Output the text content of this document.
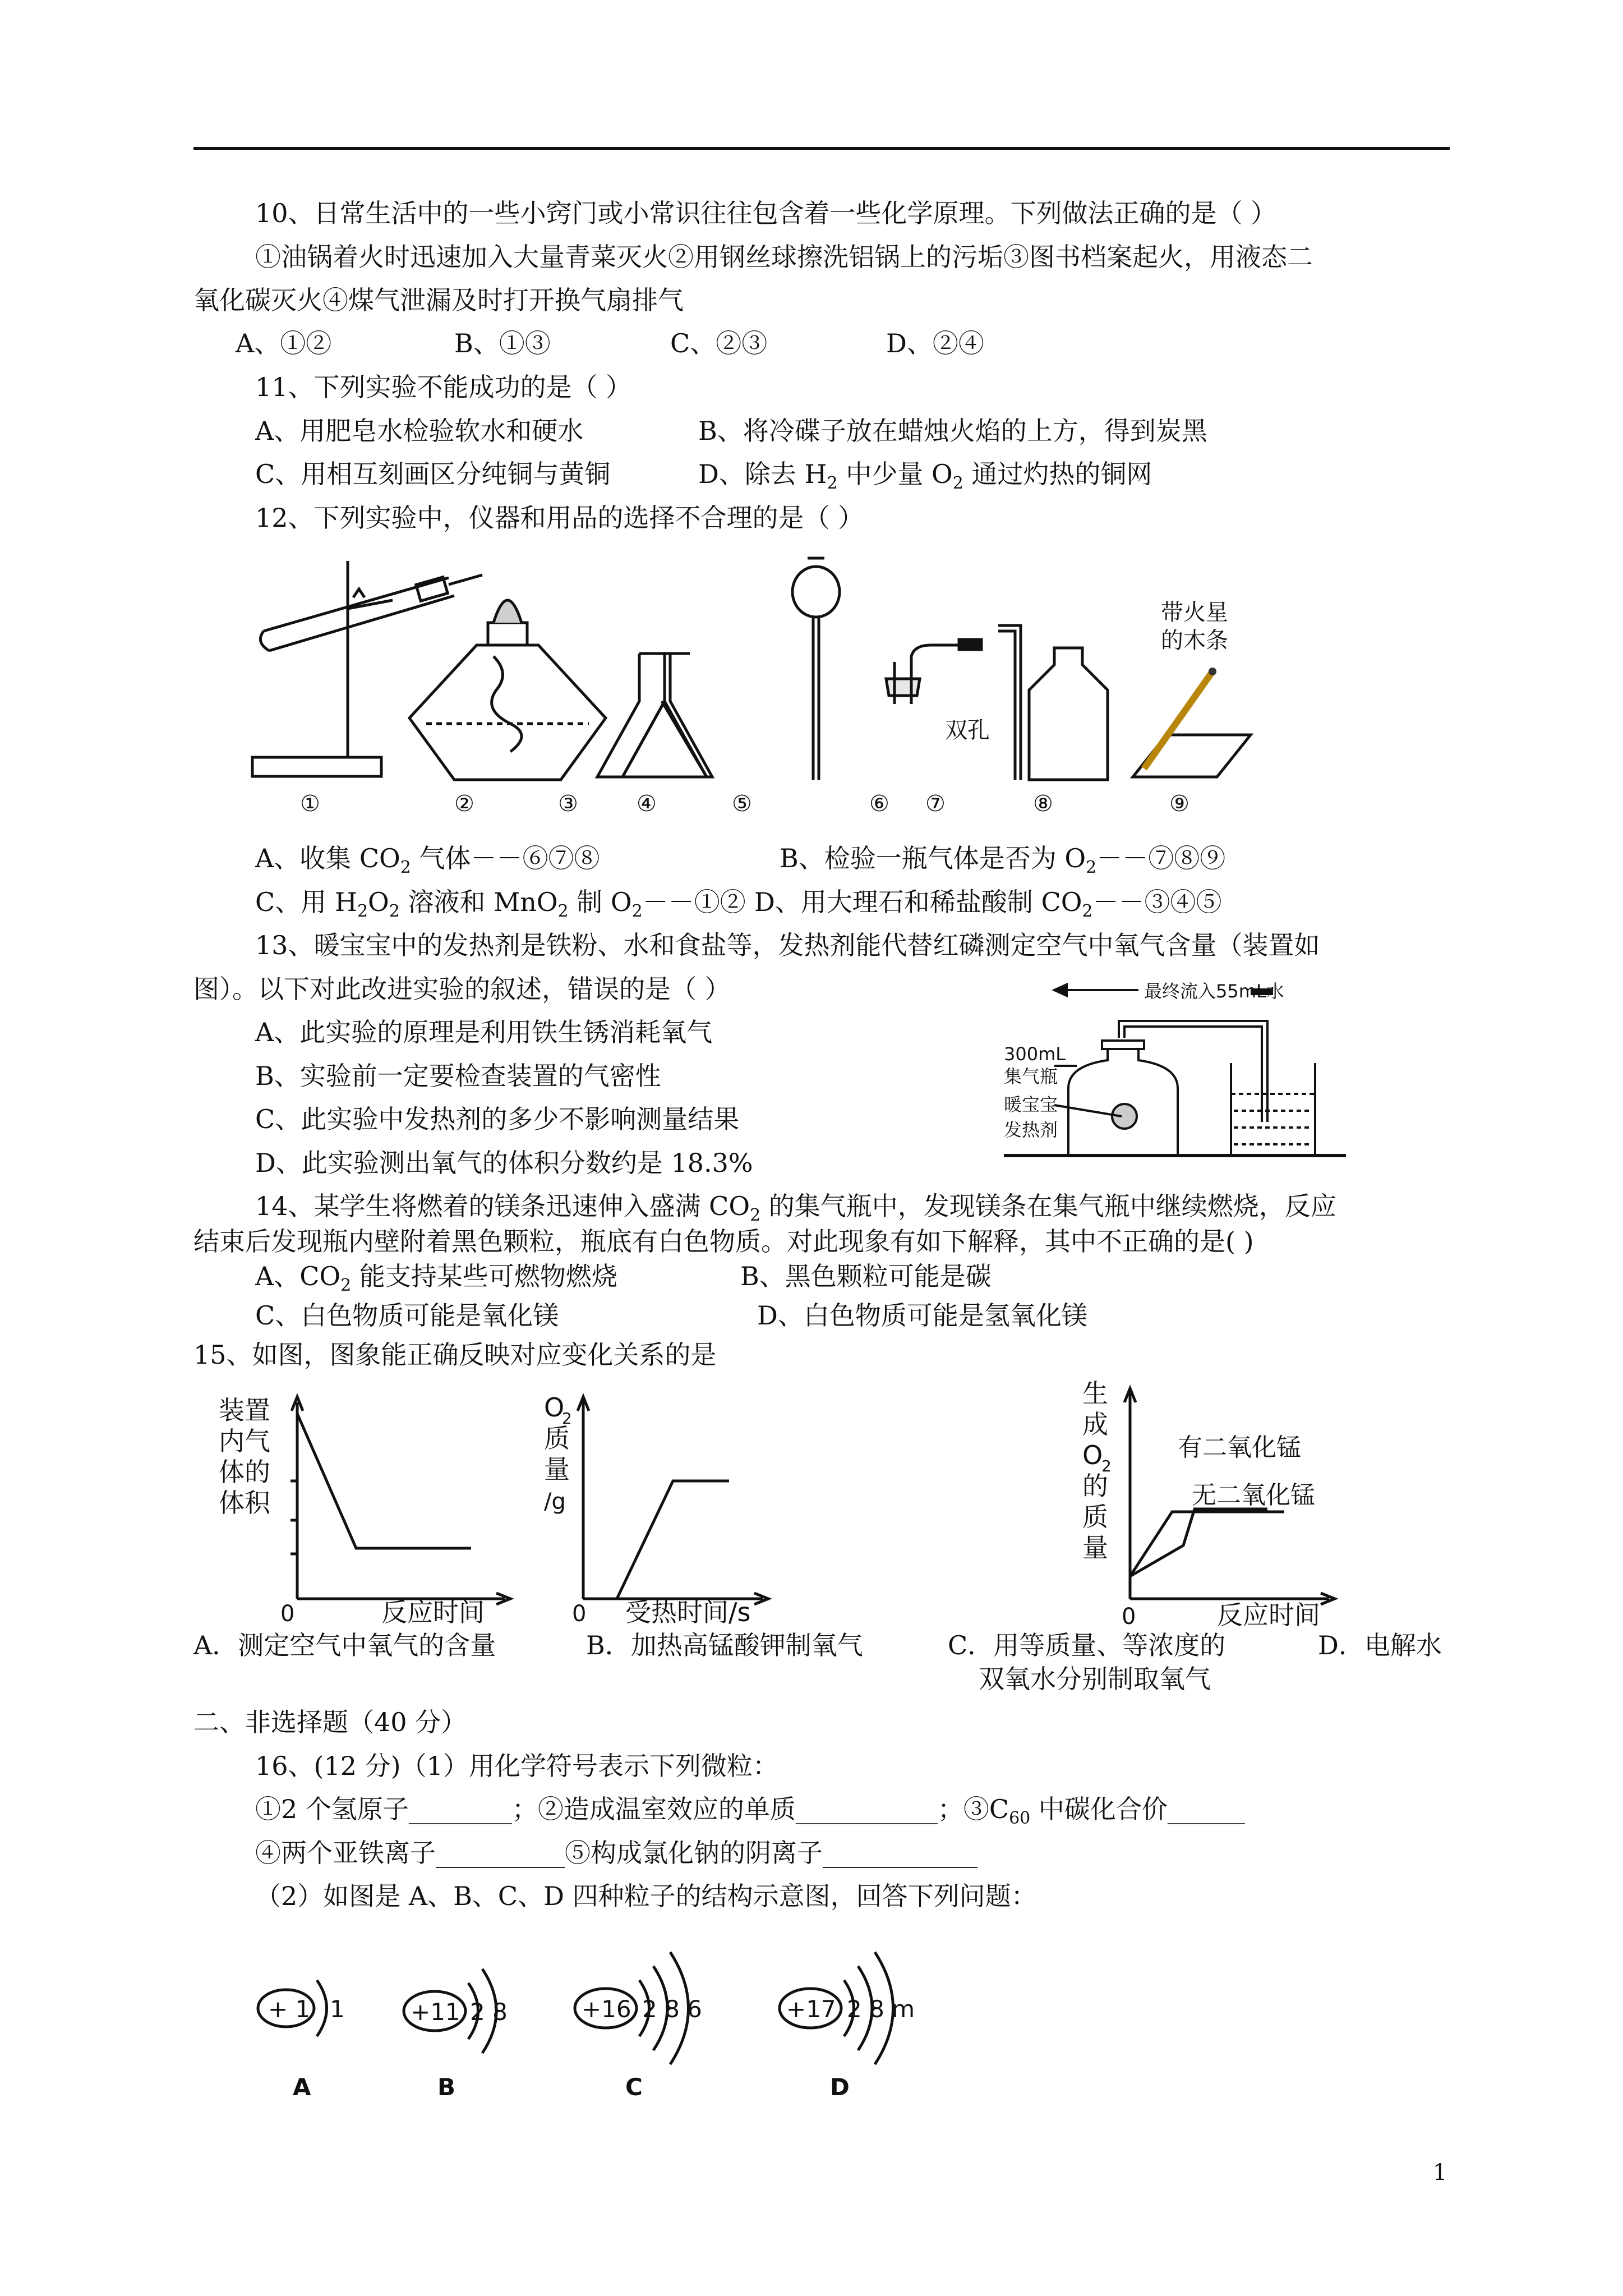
10、日常生活中的一些小窍门或小常识往往包含着一些化学原理。下列做法正确的是（ ）
①油锅着火时迅速加入大量青菜灭火②用钢丝球擦洗铝锅上的污垢③图书档案起火，用液态二
氧化碳灭火④煤气泄漏及时打开换气扇排气
A、①②	B、①③	C、②③	D、②④
11、下列实验不能成功的是（ ）
A、用肥皂水检验软水和硬水	B、将冷碟子放在蜡烛火焰的上方，得到炭黑
C、用相互刻画区分纯铜与黄铜	D、除去 $H_2$ 中少量 $O_2$ 通过灼热的铜网
12、下列实验中，仪器和用品的选择不合理的是（ ）
双孔
带火星
的木条
①	②	③	④	⑤	⑥ ⑦	⑧	⑨
A、收集 $CO_2$ 气体－－⑥⑦⑧	B、检验一瓶气体是否为 $O_2--⑦⑧⑨$
C、用 $H_2O_2$ 溶液和 MnO$_2$ 制 $O_2--①②$ D、用大理石和稀盐酸制 $CO_2--③④⑤$
13、暖宝宝中的发热剂是铁粉、水和食盐等，发热剂能代替红磷测定空气中氧气含量（装置如
图）。以下对此改进实验的叙述，错误的是（ ）
A、此实验的原理是利用铁生锈消耗氧气
B、实验前一定要检查装置的气密性
C、此实验中发热剂的多少不影响测量结果
D、此实验测出氧气的体积分数约是 18.3%
最终流入55mL水
300mL
集气瓶
暖宝宝
发热剂
14、某学生将燃着的镁条迅速伸入盛满 $CO_2$ 的集气瓶中，发现镁条在集气瓶中继续燃烧，反应
结束后发现瓶内壁附着黑色颗粒，瓶底有白色物质。对此现象有如下解释，其中不正确的是( )
A、$CO_2$ 能支持某些可燃物燃烧	B、黑色颗粒可能是碳
C、白色物质可能是氧化镁	D、白色物质可能是氢氧化镁
15、如图，图象能正确反映对应变化关系的是
装置
内气
体的
体积
0	反应时间
O
2
质
量
/g
0 受热时间/s
生
成
O
2
的
质
量
有二氧化锰
无二氧化锰
0	反应时间
A．测定空气中氧气的含量	B．加热高锰酸钾制氧气	C．用等质量、等浓度的
双氧水分别制取氧气
D．电解水
二、非选择题（40 分）
16、(12 分)（1）用化学符号表示下列微粒：
①2 个氢原子________；②造成温室效应的单质___________；$③C_{60}$ 中碳化合价______
④两个亚铁离子__________⑤构成氯化钠的阴离子____________
（2）如图是 A、B、C、D 四种粒子的结构示意图，回答下列问题：
+ 1 1
A
+11 2 8
B
+16 2 8 6
C
+17 2 8 m
D
1
